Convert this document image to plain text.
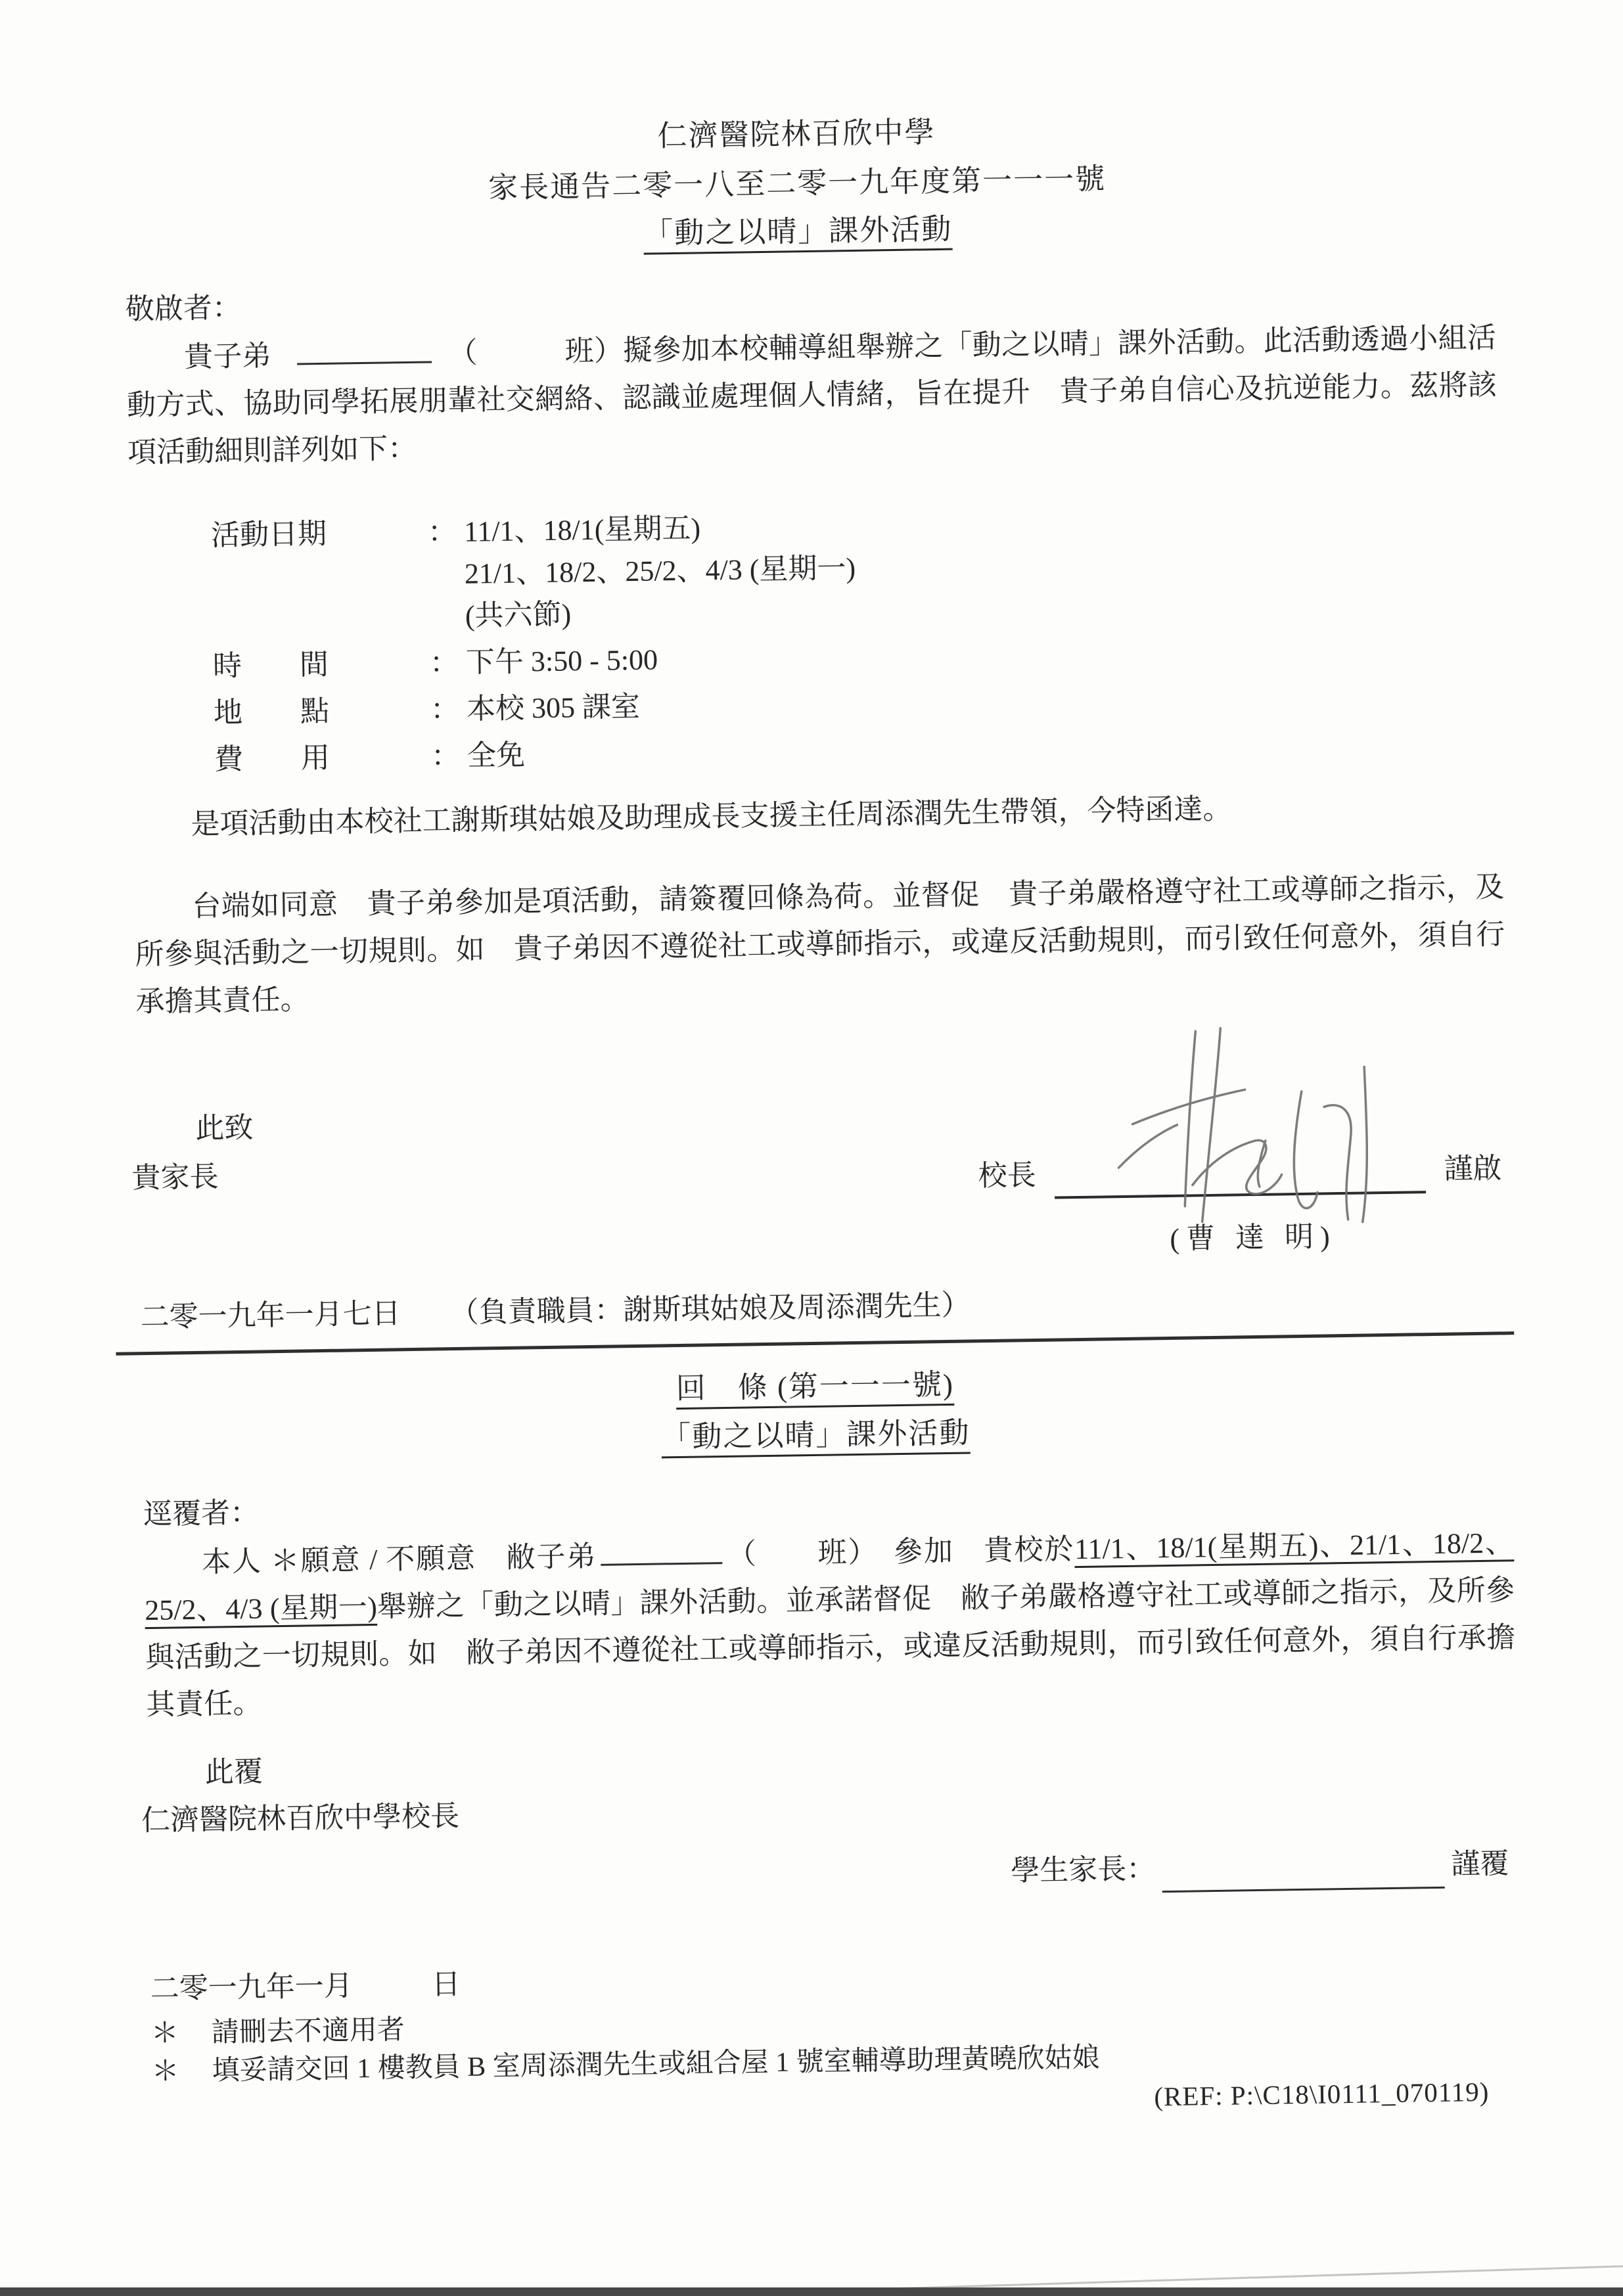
仁濟醫院林百欣中學
家長通告二零一八至二零一九年度第一一一號
「動之以晴」課外活動
敬啟者：
貴子弟	（　　　班）擬參加本校輔導組舉辦之「動之以晴」課外活動。此活動透過小組活動方式、協助同學拓展朋輩社交網絡、認識並處理個人情緒，旨在提升　貴子弟自信心及抗逆能力。茲將該項活動細則詳列如下：
活動日期	： 11/1、18/1(星期五)
21/1、18/2、25/2、4/3 (星期一)
(共六節)
時　　間	： 下午 3:50 - 5:00
地　　點	： 本校 305 課室
費　　用	： 全免
是項活動由本校社工謝斯琪姑娘及助理成長支援主任周添潤先生帶領，今特函達。
台端如同意　貴子弟參加是項活動，請簽覆回條為荷。並督促　貴子弟嚴格遵守社工或導師之指示，及所參與活動之一切規則。如　貴子弟因不遵從社工或導師指示，或違反活動規則，而引致任何意外，須自行承擔其責任。
此致
貴家長	校長	謹啟
(曹 達 明)
二零一九年一月七日 （負責職員：謝斯琪姑娘及周添潤先生）
回　條 (第一一一號)
「動之以晴」課外活動
逕覆者：
本人 ＊願意 / 不願意　敝子弟	（　　班）　參加　貴校於11/1、18/1(星期五)、21/1、18/2、25/2、4/3 (星期一)舉辦之「動之以晴」課外活動。並承諾督促　敝子弟嚴格遵守社工或導師之指示，及所參與活動之一切規則。如　敝子弟因不遵從社工或導師指示，或違反活動規則，而引致任何意外，須自行承擔其責任。
此覆
仁濟醫院林百欣中學校長
學生家長：	謹覆
二零一九年一月	日
＊ 請刪去不適用者
＊ 填妥請交回 1 樓教員 B 室周添潤先生或組合屋 1 號室輔導助理黃曉欣姑娘
(REF: P:\C18\I0111_070119)
